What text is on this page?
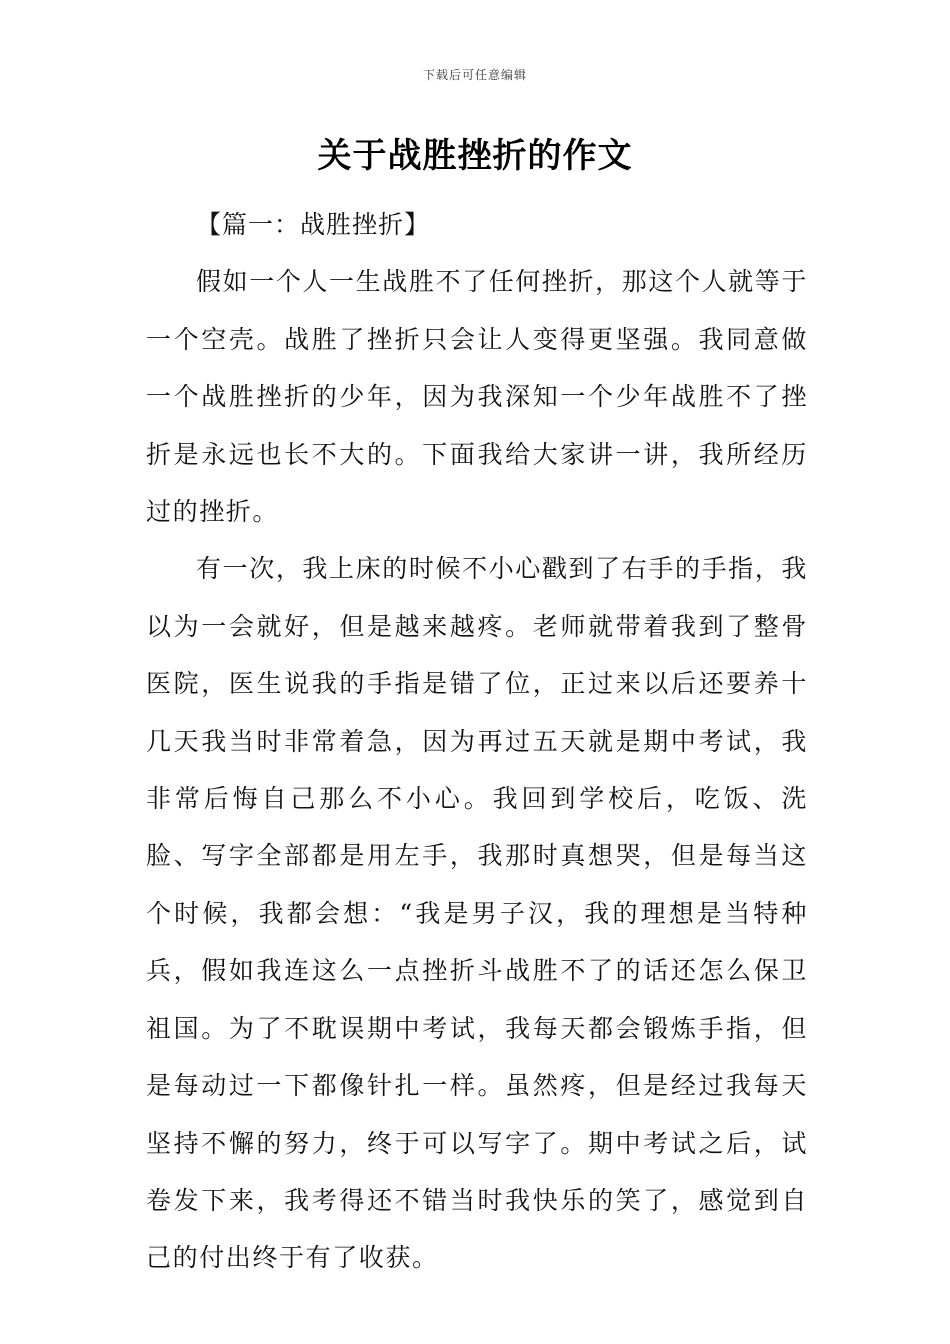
下载后可任意编辑
关于战胜挫折的作文

【篇一：战胜挫折】

假如一个人一生战胜不了任何挫折，那这个人就等于一个空壳。战胜了挫折只会让人变得更坚强。我同意做一个战胜挫折的少年，因为我深知一个少年战胜不了挫折是永远也长不大的。下面我给大家讲一讲，我所经历过的挫折。

有一次，我上床的时候不小心戳到了右手的手指，我以为一会就好，但是越来越疼。老师就带着我到了整骨医院，医生说我的手指是错了位，正过来以后还要养十几天我当时非常着急，因为再过五天就是期中考试，我非常后悔自己那么不小心。我回到学校后，吃饭、洗脸、写字全部都是用左手，我那时真想哭，但是每当这个时候，我都会想：“我是男子汉，我的理想是当特种兵，假如我连这么一点挫折斗战胜不了的话还怎么保卫祖国。为了不耽误期中考试，我每天都会锻炼手指，但是每动过一下都像针扎一样。虽然疼，但是经过我每天坚持不懈的努力，终于可以写字了。期中考试之后，试卷发下来，我考得还不错当时我快乐的笑了，感觉到自己的付出终于有了收获。
